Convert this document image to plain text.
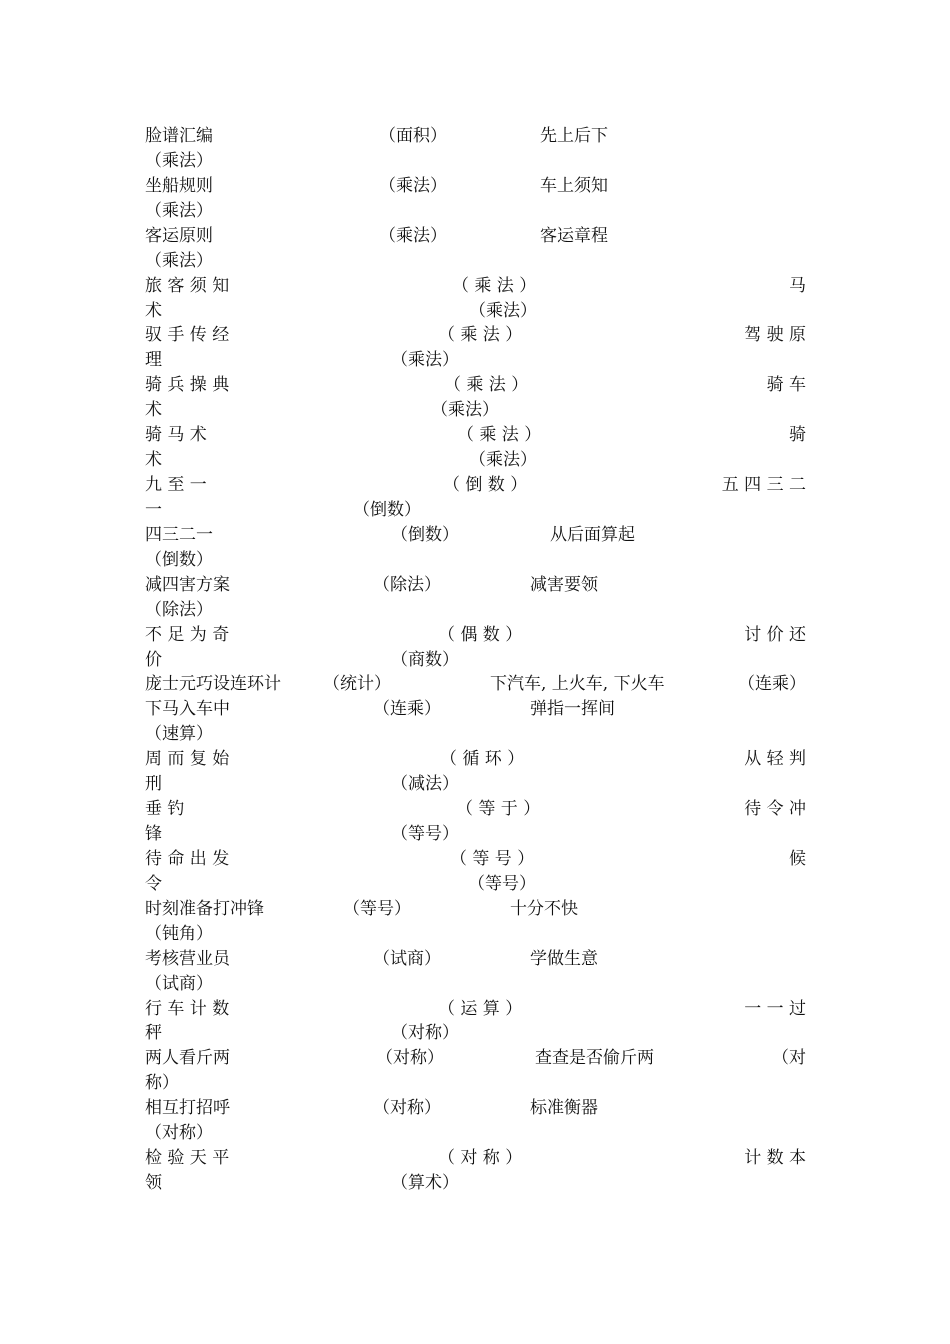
脸谱汇编	（面积）	先上后下
（乘法）
坐船规则	（乘法）	车上须知
（乘法）
客运原则	（乘法）	客运章程
（乘法）
旅 客 须 知	（ 乘 法 ）	马
术	（乘法）
驭 手 传 经	（ 乘 法 ）	驾 驶 原
理	（乘法）
骑 兵 操 典	（ 乘 法 ）	骑 车
术	（乘法）
骑 马 术	（ 乘 法 ）	骑
术	（乘法）
九 至 一	（ 倒 数 ）	五 四 三 二
一	（倒数）
四三二一	（倒数）	从后面算起
（倒数）
减四害方案	（除法）	减害要领
（除法）
不 足 为 奇	（ 偶 数 ）	讨 价 还
价	（商数）
庞士元巧设连环计 （统计）	下汽车, 上火车, 下火车	（连乘）
下马入车中	（连乘）	弹指一挥间
（速算）
周 而 复 始	（ 循 环 ）	从 轻 判
刑	（减法）
垂 钓	（ 等 于 ）	待 令 冲
锋	（等号）
待 命 出 发	（ 等 号 ）	候
令	（等号）
时刻准备打冲锋	（等号）	十分不快
（钝角）
考核营业员	（试商）	学做生意
（试商）
行 车 计 数	（ 运 算 ）	一 一 过
秤	（对称）
两人看斤两	（对称）	查查是否偷斤两	（对
称）
相互打招呼	（对称）	标准衡器
（对称）
检 验 天 平	（ 对 称 ）	计 数 本
领	（算术）
